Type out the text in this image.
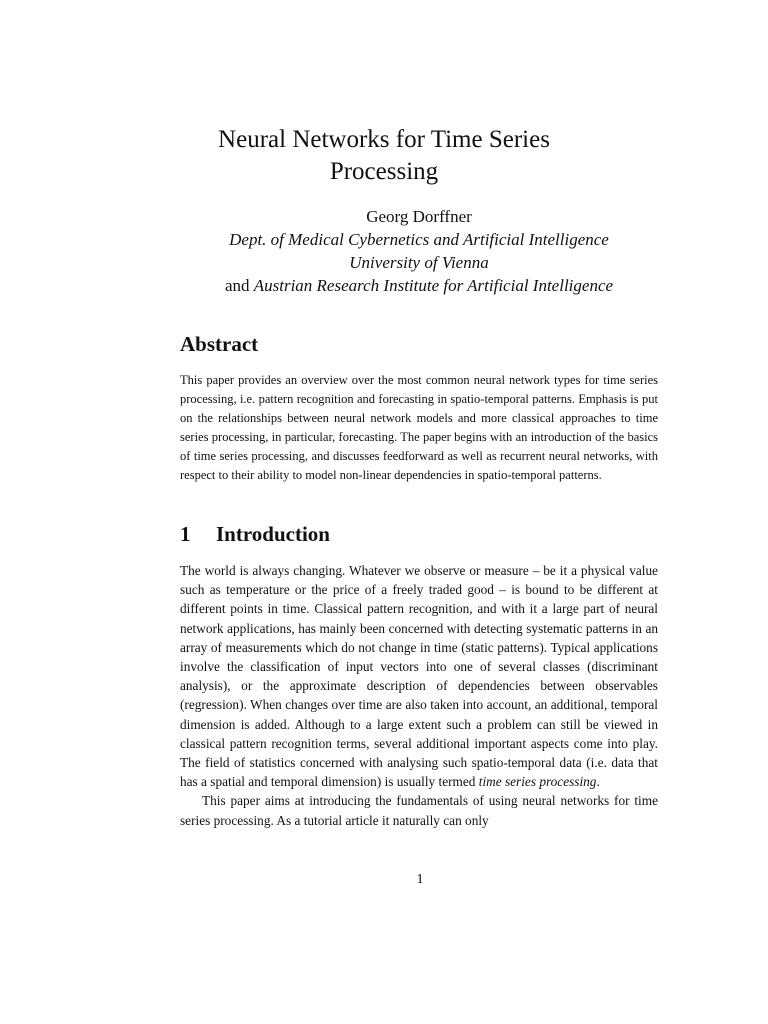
Neural Networks for Time Series
Processing
Georg Dorffner
Dept. of Medical Cybernetics and Artificial Intelligence
University of Vienna
and Austrian Research Institute for Artificial Intelligence
Abstract
This paper provides an overview over the most common neural network types for time series processing, i.e. pattern recognition and forecasting in spatio-temporal patterns. Emphasis is put on the relationships between neural network models and more classical approaches to time series processing, in particular, forecasting. The paper begins with an introduction of the basics of time series processing, and discusses feedforward as well as recurrent neural networks, with respect to their ability to model non-linear dependencies in spatio-temporal patterns.
1 Introduction

The world is always changing. Whatever we observe or measure – be it a physical value such as temperature or the price of a freely traded good – is bound to be different at different points in time. Classical pattern recognition, and with it a large part of neural network applications, has mainly been concerned with detecting systematic patterns in an array of measurements which do not change in time (static patterns). Typical applications involve the classification of input vectors into one of several classes (discriminant analysis), or the approximate description of dependencies between observables (regression). When changes over time are also taken into account, an additional, temporal dimension is added. Although to a large extent such a problem can still be viewed in classical pattern recognition terms, several additional important aspects come into play. The field of statistics concerned with analysing such spatio-temporal data (i.e. data that has a spatial and temporal dimension) is usually termed time series processing.

This paper aims at introducing the fundamentals of using neural networks for time series processing. As a tutorial article it naturally can only

1
